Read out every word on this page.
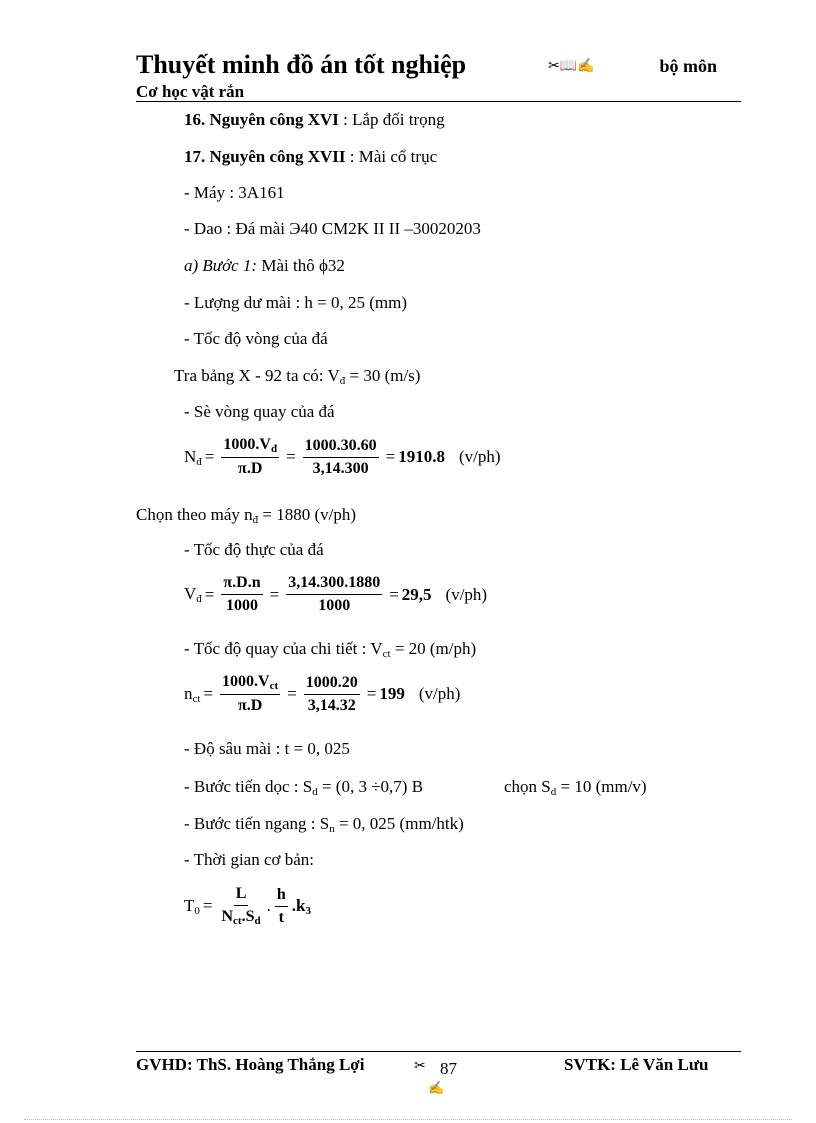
Thuyết minh đồ án tốt nghiệp	✂📖✍	bộ môn
Cơ học vật rắn
16. Nguyên công XVI : Lắp đối trọng
17. Nguyên công XVII : Mài cổ trục
- Máy : 3A161
- Dao : Đá mài Э40 CM2K II II –30020203
a) Bước 1: Mài thô ϕ32
- Lượng dư mài : h = 0, 25 (mm)
- Tốc độ vòng của đá
Tra bảng X - 92 ta có: $V_đ = 30$ (m/s)
- Sè vòng quay của đá
$N_đ = \frac{1000.V_đ}{\pi.D} = \frac{1000.30.60}{3,14.300} = 1910.8$ (v/ph)
Chọn theo máy $n_đ = 1880$ (v/ph)
- Tốc độ thực của đá
$V_đ = \frac{\pi.D.n}{1000} = \frac{3,14.300.1880}{1000} = 29,5$ (v/ph)
- Tốc độ quay của chi tiết : $V_{ct} = 20$ (m/ph)
$n_{ct} = \frac{1000.V_{ct}}{\pi.D} = \frac{1000.20}{3,14.32} = 199$ (v/ph)
- Độ sâu mài : t = 0, 025
- Bước tiến dọc : $S_d = (0$, 3 ÷0,7) B	chọn $S_d = 10$ (mm/v)
- Bước tiến ngang : $S_n = 0$, 025 (mm/htk)
- Thời gian cơ bản:
$T_0 = \frac{L}{N_{ct}.S_d}$ . $\frac{h}{t} .k_3$
GVHD: ThS. Hoàng Thắng Lợi	✂ 87
✍
SVTK: Lê Văn Lưu
